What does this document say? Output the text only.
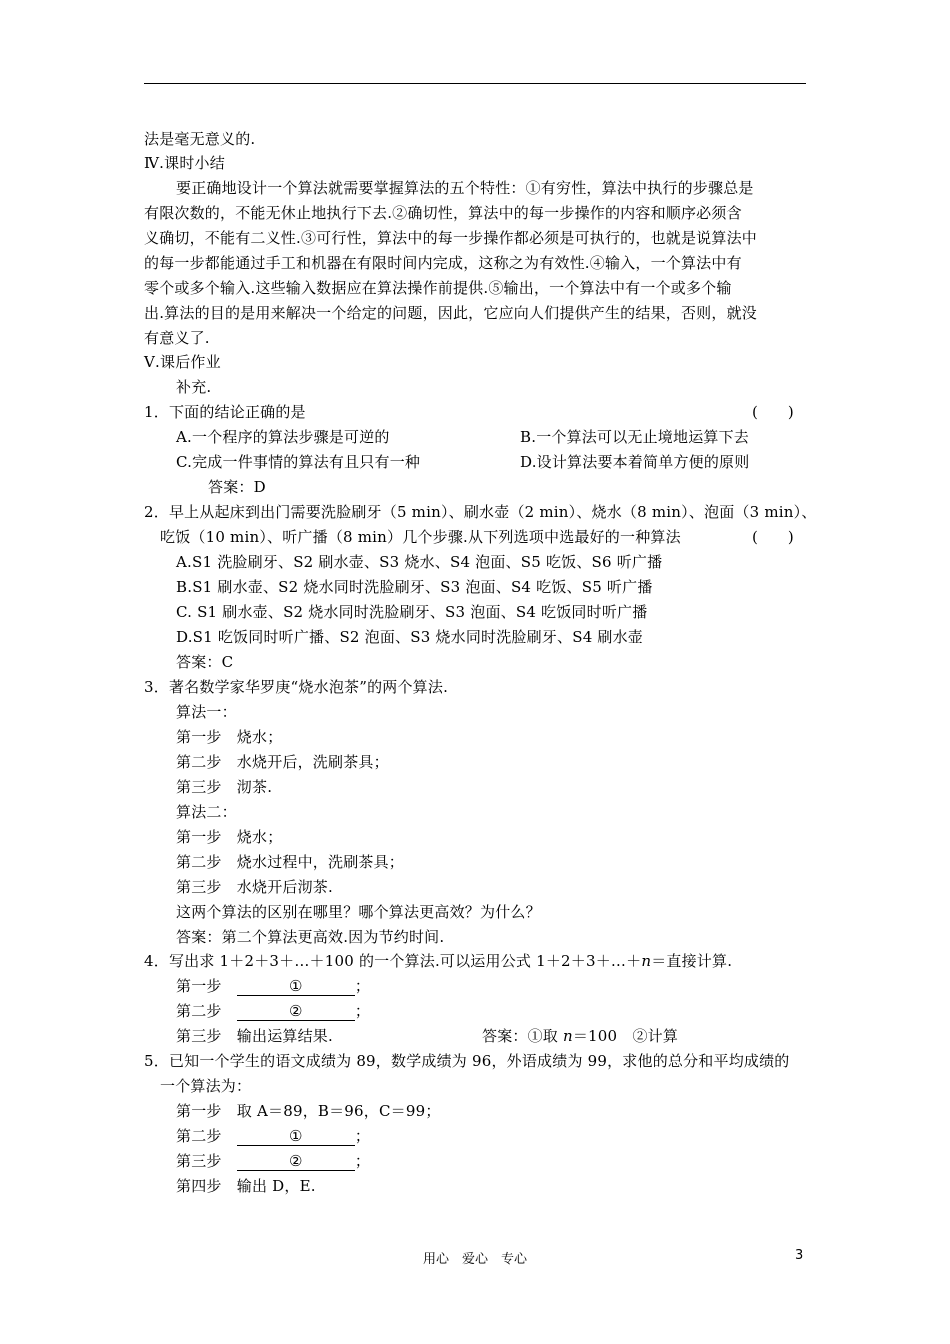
法是毫无意义的.
Ⅳ.课时小结
要正确地设计一个算法就需要掌握算法的五个特性：①有穷性，算法中执行的步骤总是
有限次数的，不能无休止地执行下去.②确切性，算法中的每一步操作的内容和顺序必须含
义确切，不能有二义性.③可行性，算法中的每一步操作都必须是可执行的，也就是说算法中
的每一步都能通过手工和机器在有限时间内完成，这称之为有效性.④输入，一个算法中有
零个或多个输入.这些输入数据应在算法操作前提供.⑤输出，一个算法中有一个或多个输
出.算法的目的是用来解决一个给定的问题，因此，它应向人们提供产生的结果，否则，就没
有意义了.
Ⅴ.课后作业
补充.
1．下面的结论正确的是	(　　)
A.一个程序的算法步骤是可逆的	B.一个算法可以无止境地运算下去
C.完成一件事情的算法有且只有一种	D.设计算法要本着简单方便的原则
答案：D
2．早上从起床到出门需要洗脸刷牙（5 min）、刷水壶（2 min）、烧水（8 min）、泡面（3 min）、
吃饭（10 min）、听广播（8 min）几个步骤.从下列选项中选最好的一种算法	(　　)
A.S1 洗脸刷牙、S2 刷水壶、S3 烧水、S4 泡面、S5 吃饭、S6 听广播
B.S1 刷水壶、S2 烧水同时洗脸刷牙、S3 泡面、S4 吃饭、S5 听广播
C. S1 刷水壶、S2 烧水同时洗脸刷牙、S3 泡面、S4 吃饭同时听广播
D.S1 吃饭同时听广播、S2 泡面、S3 烧水同时洗脸刷牙、S4 刷水壶
答案：C
3．著名数学家华罗庚“烧水泡茶”的两个算法.
算法一：
第一步　烧水；
第二步　水烧开后，洗刷茶具；
第三步　沏茶.
算法二：
第一步　烧水；
第二步　烧水过程中，洗刷茶具；
第三步　水烧开后沏茶.
这两个算法的区别在哪里？哪个算法更高效？为什么？
答案：第二个算法更高效.因为节约时间.
4．写出求 1＋2＋3＋…＋100 的一个算法.可以运用公式 1＋2＋3＋…＋n＝直接计算.
第一步　	①	；
第二步　	②	；
第三步　输出运算结果.	答案：①取 n＝100　②计算
5．已知一个学生的语文成绩为 89，数学成绩为 96，外语成绩为 99，求他的总分和平均成绩的
一个算法为：
第一步　取 A＝89，B＝96，C＝99；
第二步　	①	；
第三步　	②	；
第四步　输出 D，E.
用心　爱心　专心	3
